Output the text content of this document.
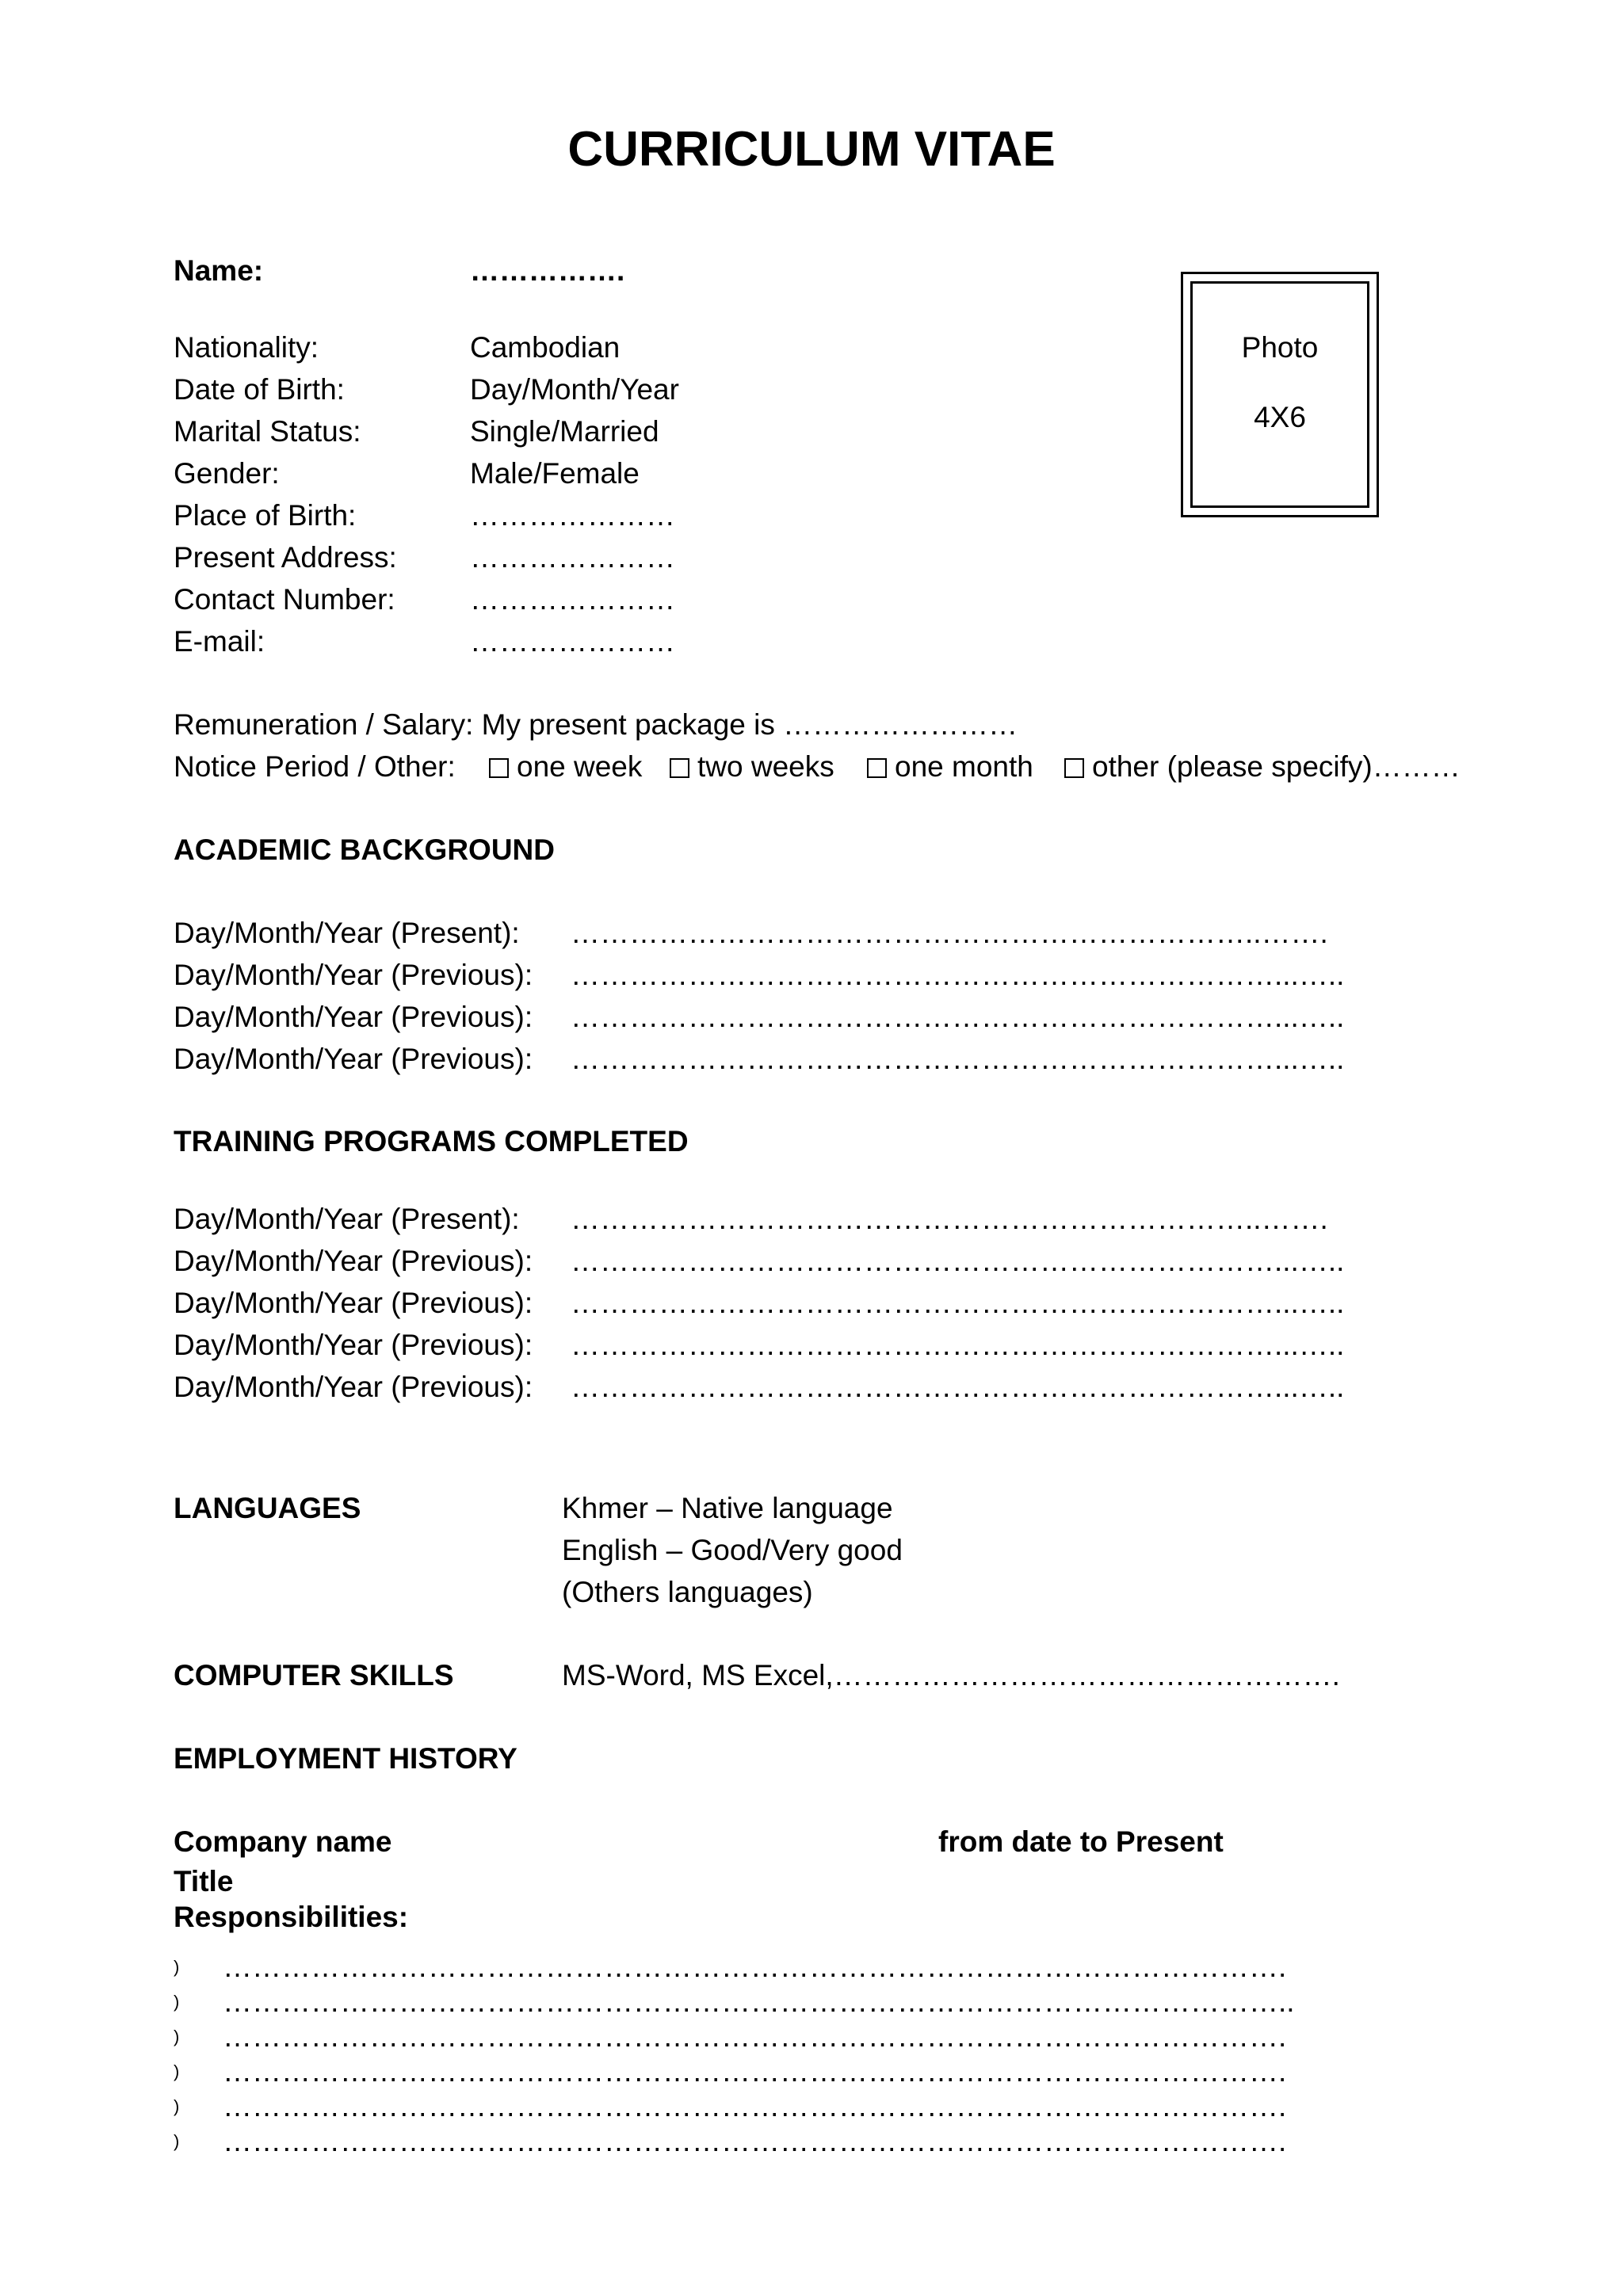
CURRICULUM VITAE
Name:	…………….
Nationality:	Cambodian
Date of Birth:	Day/Month/Year
Marital Status:	Single/Married
Gender:	Male/Female
Place of Birth:	…………………
Present Address: …………………
Contact Number:	…………………
E-mail:	…………………
Photo
4X6
Remuneration / Salary: My present package is ……………………
Notice Period / Other:	one week	two weeks	one month	other (please specify)………
ACADEMIC BACKGROUND
Day/Month/Year (Present): ……………………………………………………………..…….
Day/Month/Year (Previous): ………………………………………………………………...…..
Day/Month/Year (Previous): ………………………………………………………………...…..
Day/Month/Year (Previous): ………………………………………………………………...…..
TRAINING PROGRAMS COMPLETED
Day/Month/Year (Present): ……………………………………………………………..…….
Day/Month/Year (Previous): ………………………………………………………………...…..
Day/Month/Year (Previous): ………………………………………………………………...…..
Day/Month/Year (Previous): ………………………………………………………………...…..
Day/Month/Year (Previous): ………………………………………………………………...…..
LANGUAGES	Khmer – Native language
English – Good/Very good
(Others languages)
COMPUTER SKILLS	MS-Word, MS Excel,…………………………………………….
EMPLOYMENT HISTORY
Company name	from date to Present
Title
Responsibilities:
) ……………………………………………………………………………………………….
) ………………………………………………………………………………………………..
) ……………………………………………………………………………………………….
) ……………………………………………………………………………………………….
) ……………………………………………………………………………………………….
) ……………………………………………………………………………………………….
